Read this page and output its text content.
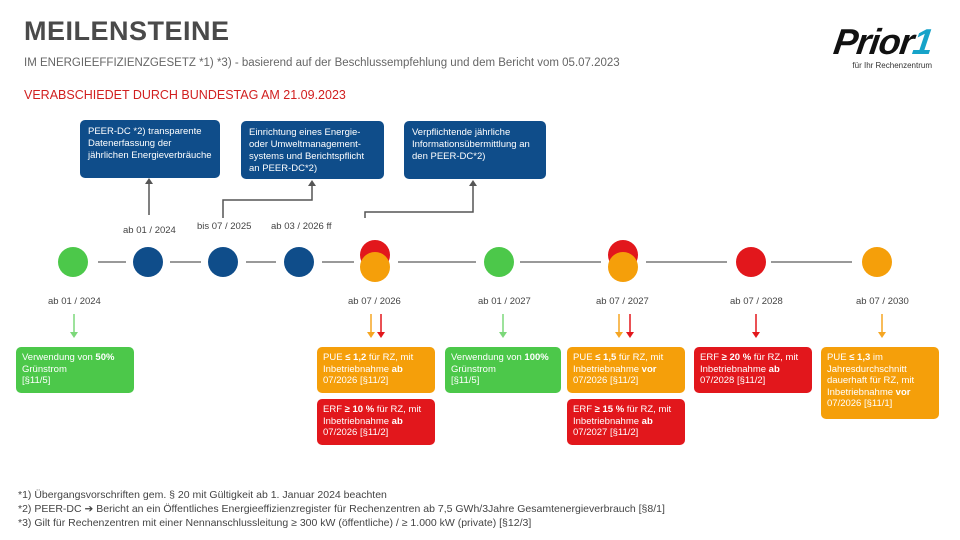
MEILENSTEINE
IM ENERGIEEFFIZIENZGESETZ *1) *3) - basierend auf der Beschlussempfehlung und dem Bericht vom 05.07.2023
VERABSCHIEDET DURCH BUNDESTAG AM 21.09.2023
Prior1
für Ihr Rechenzentrum
PEER-DC *2) transparente Datenerfassung der jährlichen Energieverbräuche
Einrichtung eines Energie- oder Umweltmanagement-systems und Berichtspflicht an PEER-DC*2)
Verpflichtende jährliche Informationsübermittlung an den PEER-DC*2)
ab 01 / 2024 bis 07 / 2025 ab 03 / 2026 ff
ab 01 / 2024	ab 07 / 2026	ab 01 / 2027	ab 07 / 2027	ab 07 / 2028	ab 07 / 2030
Verwendung von 50% Grünstrom
[§11/5]
PUE ≤ 1,2 für RZ, mit Inbetriebnahme ab 07/2026 [§11/2]
ERF ≥ 10 % für RZ, mit Inbetriebnahme ab 07/2026 [§11/2]
Verwendung von 100% Grünstrom
[§11/5]
PUE ≤ 1,5 für RZ, mit Inbetriebnahme vor 07/2026 [§11/2]
ERF ≥ 15 % für RZ, mit Inbetriebnahme ab 07/2027 [§11/2]
ERF ≥ 20 % für RZ, mit Inbetriebnahme ab 07/2028 [§11/2]
PUE ≤ 1,3 im Jahresdurchschnitt dauerhaft für RZ, mit Inbetriebnahme vor 07/2026 [§11/1]
*1) Übergangsvorschriften gem. § 20 mit Gültigkeit ab 1. Januar 2024 beachten
*2) PEER-DC ➔ Bericht an ein Öffentliches Energieeffizienzregister für Rechenzentren ab 7,5 GWh/3Jahre Gesamtenergieverbrauch [§8/1]
*3) Gilt für Rechenzentren mit einer Nennanschlussleitung ≥ 300 kW (öffentliche) / ≥ 1.000 kW (private) [§12/3]
